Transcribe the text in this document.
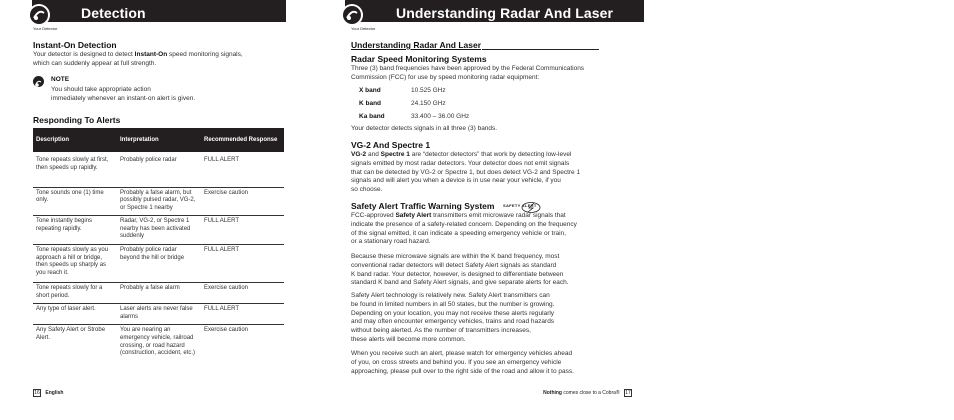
Detection
Your Detector
Instant-On Detection

Your detector is designed to detect Instant-On speed monitoring signals,
which can suddenly appear at full strength.

NOTE

You should take appropriate action
immediately whenever an instant-on alert is given.

Responding To Alerts
Description	Interpretation	Recommended Response

Tone repeats slowly at first, then speeds up rapidly.	Probably police radar	FULL ALERT
Tone sounds one (1) time only.	Probably a false alarm, but possibly pulsed radar, VG-2, or Spectre 1 nearby	Exercise caution
Tone instantly begins repeating rapidly.	Radar, VG-2, or Spectre 1 nearby has been activated suddenly	FULL ALERT
Tone repeats slowly as you approach a hill or bridge, then speeds up sharply as you reach it.	Probably police radar beyond the hill or bridge	FULL ALERT
Tone repeats slowly for a short period.	Probably a false alarm	Exercise caution
Any type of laser alert.	Laser alerts are never false alarms	FULL ALERT
Any Safety Alert or Strobe Alert.	You are nearing an emergency vehicle, railroad crossing, or road hazard (construction, accident, etc.)	Exercise caution
16 English
Understanding Radar And Laser
Your Detector
Understanding Radar And Laser
Radar Speed Monitoring Systems

Three (3) band frequencies have been approved by the Federal Communications
Commission (FCC) for use by speed monitoring radar equipment:

X band	10.525 GHz
K band	24.150 GHz
Ka band	33.400 – 36.00 GHz

Your detector detects signals in all three (3) bands.

VG-2 And Spectre 1

VG-2 and Spectre 1 are “detector detectors” that work by detecting low-level
signals emitted by most radar detectors. Your detector does not emit signals
that can be detected by VG-2 or Spectre 1, but does detect VG-2 and Spectre 1
signals and will alert you when a device is in use near your vehicle, if you
so choose.

Safety Alert Traffic Warning System SAFETY ALERT

FCC-approved Safety Alert transmitters emit microwave radar signals that
indicate the presence of a safety-related concern. Depending on the frequency
of the signal emitted, it can indicate a speeding emergency vehicle or train,
or a stationary road hazard.

Because these microwave signals are within the K band frequency, most
conventional radar detectors will detect Safety Alert signals as standard
K band radar. Your detector, however, is designed to differentiate between
standard K band and Safety Alert signals, and give separate alerts for each.

Safety Alert technology is relatively new. Safety Alert transmitters can
be found in limited numbers in all 50 states, but the number is growing.
Depending on your location, you may not receive these alerts regularly
and may often encounter emergency vehicles, trains and road hazards
without being alerted. As the number of transmitters increases,
these alerts will become more common.

When you receive such an alert, please watch for emergency vehicles ahead
of you, on cross streets and behind you. If you see an emergency vehicle
approaching, please pull over to the right side of the road and allow it to pass.

Nothing comes close to a Cobra® 17
